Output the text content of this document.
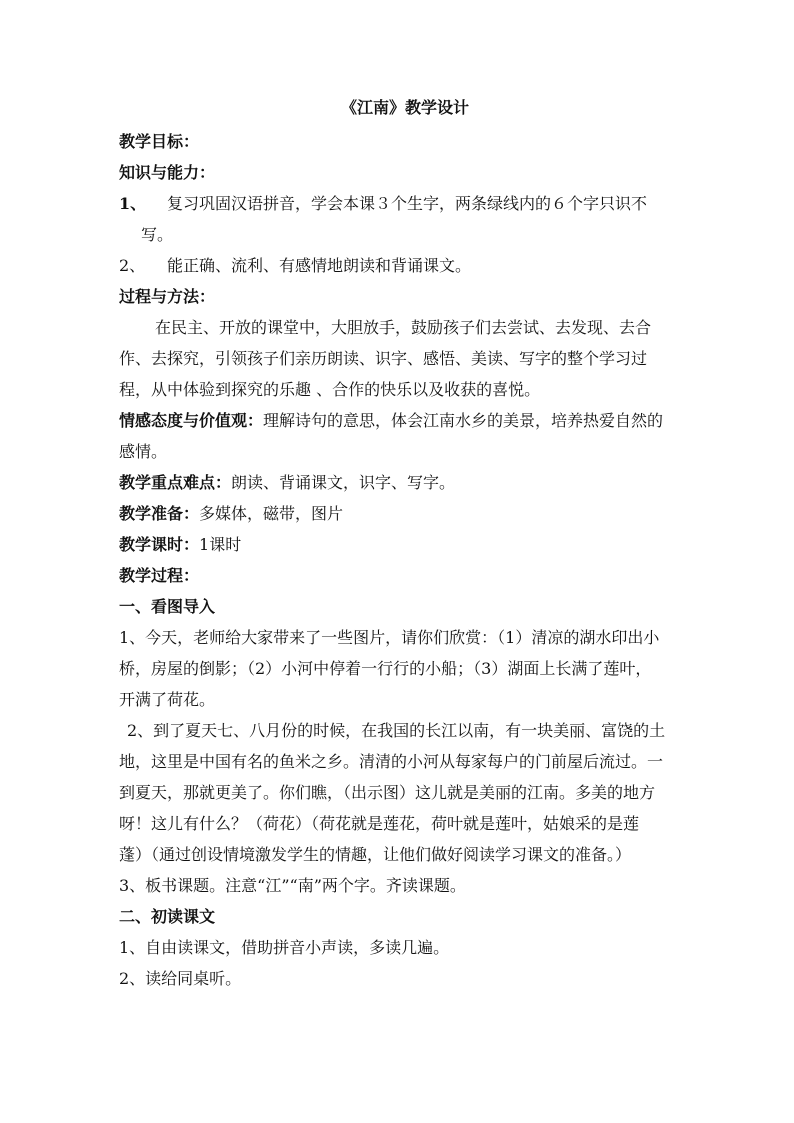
《江南》教学设计

教学目标：

知识与能力：

1、	复习巩固汉语拼音，学会本课３个生字，两条绿线内的６个字只识不

写。

2、	能正确、流利、有感情地朗读和背诵课文。

过程与方法：

在民主、开放的课堂中，大胆放手，鼓励孩子们去尝试、去发现、去合

作、去探究，引领孩子们亲历朗读、识字、感悟、美读、写字的整个学习过

程，从中体验到探究的乐趣 、合作的快乐以及收获的喜悦。

情感态度与价值观：理解诗句的意思，体会江南水乡的美景，培养热爱自然的

感情。

教学重点难点：朗读、背诵课文，识字、写字。

教学准备：多媒体，磁带，图片

教学课时：1课时

教学过程：

一、看图导入

1、今天，老师给大家带来了一些图片，请你们欣赏：（1）清凉的湖水印出小

桥，房屋的倒影；（2）小河中停着一行行的小船；（3）湖面上长满了莲叶，

开满了荷花。

2、到了夏天七、八月份的时候，在我国的长江以南，有一块美丽、富饶的土

地，这里是中国有名的鱼米之乡。清清的小河从每家每户的门前屋后流过。一

到夏天，那就更美了。你们瞧，（出示图）这儿就是美丽的江南。多美的地方

呀！这儿有什么？（荷花）（荷花就是莲花，荷叶就是莲叶，姑娘采的是莲

蓬）（通过创设情境激发学生的情趣，让他们做好阅读学习课文的准备。）

3、板书课题。注意“江”“南”两个字。齐读课题。

二、初读课文

1、自由读课文，借助拼音小声读，多读几遍。

2、读给同桌听。
